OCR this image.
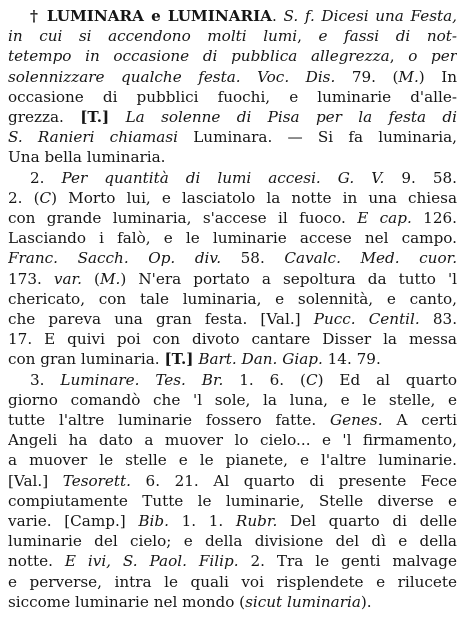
† LUMINARA e LUMINARIA. S. f. Dicesi una Festa,
in cui si accendono molti lumi, e fassi di not-
tetempo in occasione di pubblica allegrezza, o per
solennizzare qualche festa. Voc. Dis. 79. (M.) In
occasione di pubblici fuochi, e luminarie d'alle-
grezza. [T.] La solenne di Pisa per la festa di
S. Ranieri chiamasi Luminara. — Si fa luminaria,
Una bella luminaria.
2. Per quantità di lumi accesi. G. V. 9. 58.
2. (C) Morto lui, e lasciatolo la notte in una chiesa
con grande luminaria, s'accese il fuoco. E cap. 126.
Lasciando i falò, e le luminarie accese nel campo.
Franc. Sacch. Op. div. 58. Cavalc. Med. cuor.
173. var. (M.) N'era portato a sepoltura da tutto 'l
chericato, con tale luminaria, e solennità, e canto,
che pareva una gran festa. [Val.] Pucc. Centil. 83.
17. E quivi poi con divoto cantare Disser la messa
con gran luminaria. [T.] Bart. Dan. Giap. 14. 79.
3. Luminare. Tes. Br. 1. 6. (C) Ed al quarto
giorno comandò che 'l sole, la luna, e le stelle, e
tutte l'altre luminarie fossero fatte. Genes. A certi
Angeli ha dato a muover lo cielo... e 'l firmamento,
a muover le stelle e le pianete, e l'altre luminarie.
[Val.] Tesorett. 6. 21. Al quarto di presente Fece
compiutamente Tutte le luminarie, Stelle diverse e
varie. [Camp.] Bib. 1. 1. Rubr. Del quarto di delle
luminarie del cielo; e della divisione del dì e della
notte. E ivi, S. Paol. Filip. 2. Tra le genti malvage
e perverse, intra le quali voi risplendete e rilucete
siccome luminarie nel mondo (sicut luminaria).
